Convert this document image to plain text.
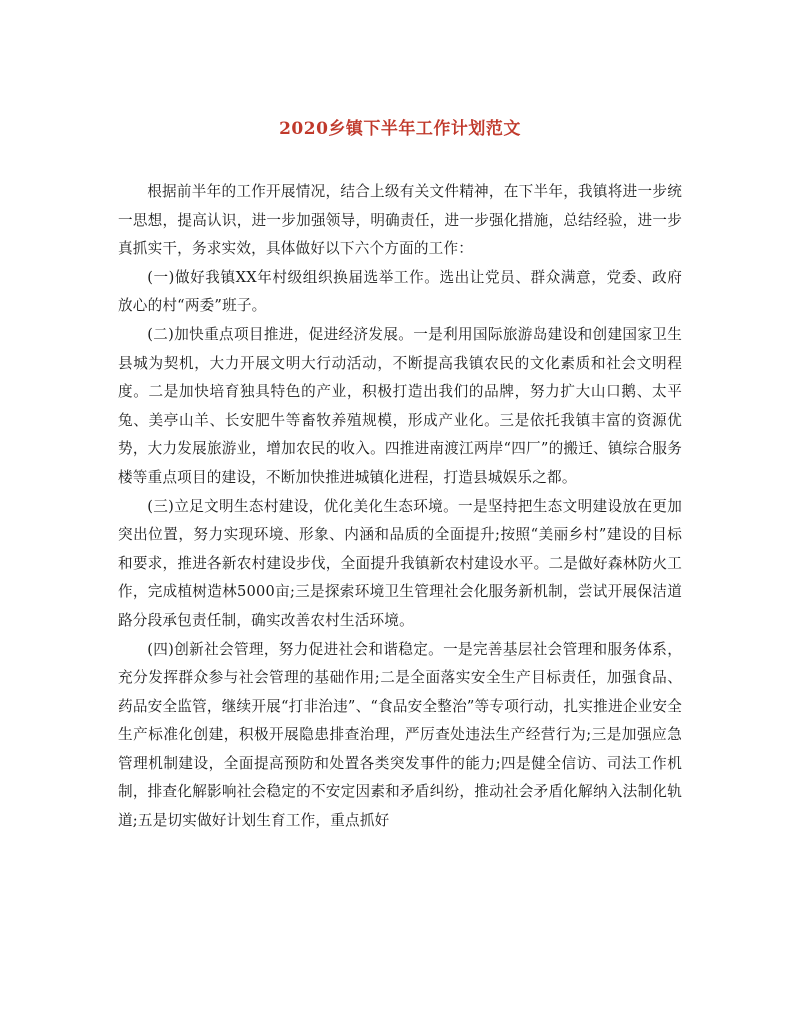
2020乡镇下半年工作计划范文

根据前半年的工作开展情况，结合上级有关文件精神，在下半年，我镇将进一步统一思想，提高认识，进一步加强领导，明确责任，进一步强化措施，总结经验，进一步真抓实干，务求实效，具体做好以下六个方面的工作：

(一)做好我镇XX年村级组织换届选举工作。选出让党员、群众满意，党委、政府放心的村“两委”班子。

(二)加快重点项目推进，促进经济发展。一是利用国际旅游岛建设和创建国家卫生县城为契机，大力开展文明大行动活动，不断提高我镇农民的文化素质和社会文明程度。二是加快培育独具特色的产业，积极打造出我们的品牌，努力扩大山口鹅、太平兔、美亭山羊、长安肥牛等畜牧养殖规模，形成产业化。三是依托我镇丰富的资源优势，大力发展旅游业，增加农民的收入。四推进南渡江两岸“四厂”的搬迁、镇综合服务楼等重点项目的建设，不断加快推进城镇化进程，打造县城娱乐之都。

(三)立足文明生态村建设，优化美化生态环境。一是坚持把生态文明建设放在更加突出位置，努力实现环境、形象、内涵和品质的全面提升;按照“美丽乡村”建设的目标和要求，推进各新农村建设步伐，全面提升我镇新农村建设水平。二是做好森林防火工作，完成植树造林5000亩;三是探索环境卫生管理社会化服务新机制，尝试开展保洁道路分段承包责任制，确实改善农村生活环境。

(四)创新社会管理，努力促进社会和谐稳定。一是完善基层社会管理和服务体系，充分发挥群众参与社会管理的基础作用;二是全面落实安全生产目标责任，加强食品、药品安全监管，继续开展“打非治违”、“食品安全整治”等专项行动，扎实推进企业安全生产标准化创建，积极开展隐患排查治理，严厉查处违法生产经营行为;三是加强应急管理机制建设，全面提高预防和处置各类突发事件的能力;四是健全信访、司法工作机制，排查化解影响社会稳定的不安定因素和矛盾纠纷，推动社会矛盾化解纳入法制化轨道;五是切实做好计划生育工作，重点抓好
